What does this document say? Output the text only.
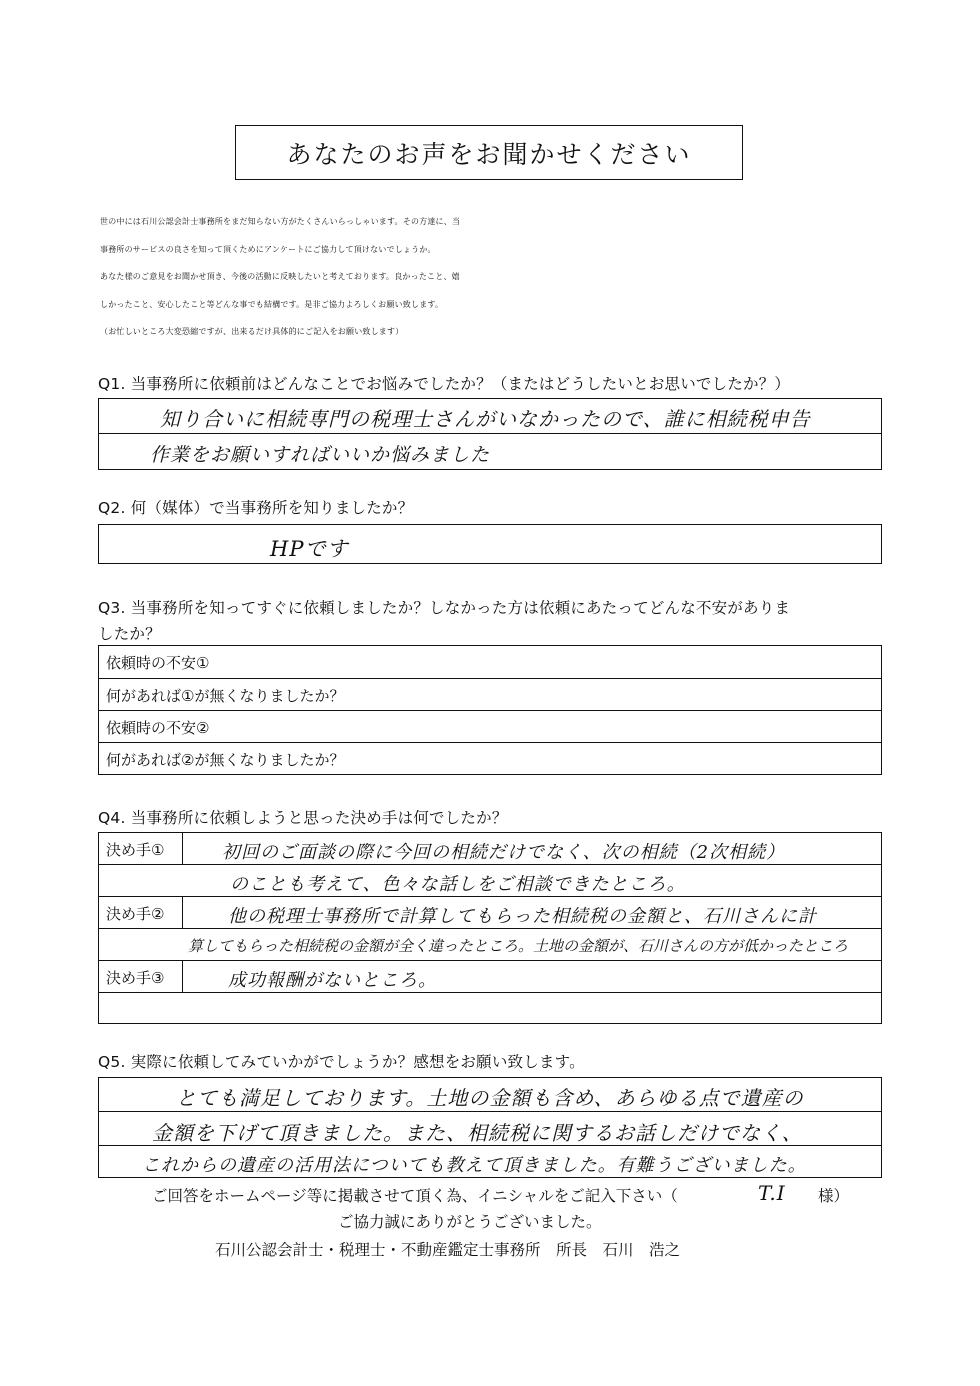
あなたのお声をお聞かせください
世の中には石川公認会計士事務所をまだ知らない方がたくさんいらっしゃいます。その方達に、当
事務所のサービスの良さを知って頂くためにアンケートにご協力して頂けないでしょうか。
あなた様のご意見をお聞かせ頂き、今後の活動に反映したいと考えております。良かったこと、嬉
しかったこと、安心したこと等どんな事でも結構です。是非ご協力よろしくお願い致します。
（お忙しいところ大変恐縮ですが、出来るだけ具体的にご記入をお願い致します）
Q1. 当事務所に依頼前はどんなことでお悩みでしたか？（またはどうしたいとお思いでしたか？）
知り合いに相続専門の税理士さんがいなかったので、誰に相続税申告
作業をお願いすればいいか悩みました
Q2. 何（媒体）で当事務所を知りましたか？
HPです
Q3. 当事務所を知ってすぐに依頼しましたか？しなかった方は依頼にあたってどんな不安がありま
したか？
依頼時の不安①
何があれば①が無くなりましたか？
依頼時の不安②
何があれば②が無くなりましたか？
Q4. 当事務所に依頼しようと思った決め手は何でしたか？
決め手①
決め手②
決め手③
初回のご面談の際に今回の相続だけでなく、次の相続（2次相続）
のことも考えて、色々な話しをご相談できたところ。
他の税理士事務所で計算してもらった相続税の金額と、石川さんに計
算してもらった相続税の金額が全く違ったところ。土地の金額が、石川さんの方が低かったところ
成功報酬がないところ。
Q5. 実際に依頼してみていかがでしょうか？感想をお願い致します。
とても満足しております。土地の金額も含め、あらゆる点で遺産の
金額を下げて頂きました。また、相続税に関するお話しだけでなく、
これからの遺産の活用法についても教えて頂きました。有難うございました。
ご回答をホームページ等に掲載させて頂く為、イニシャルをご記入下さい（	T.I 様）
ご協力誠にありがとうございました。
石川公認会計士・税理士・不動産鑑定士事務所　所長　石川　浩之
